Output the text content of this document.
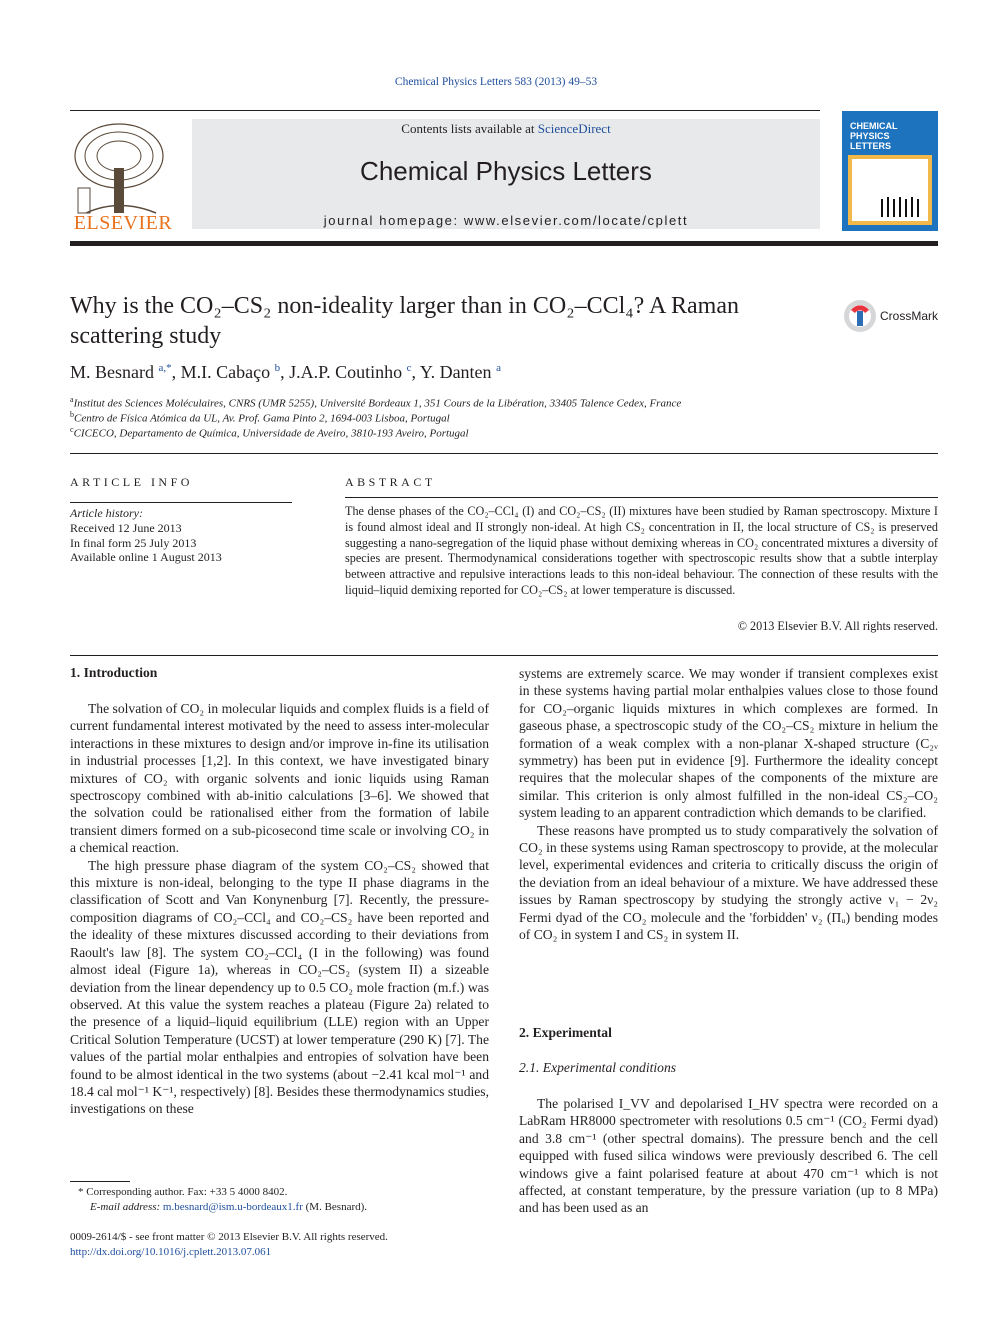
Chemical Physics Letters 583 (2013) 49–53
ELSEVIER
Contents lists available at ScienceDirect
Chemical Physics Letters
journal homepage: www.elsevier.com/locate/cplett
CHEMICAL
PHYSICS
LETTERS
Why is the CO₂–CS₂ non-ideality larger than in CO₂–CCl₄? A Raman
scattering study
CrossMark
M. Besnard $^{a,*}$, M.I. Cabaço $^b$, J.A.P. Coutinho $^c$, Y. Danten $^a$
$^a$Institut des Sciences Moléculaires, CNRS (UMR 5255), Université Bordeaux 1, 351 Cours de la Libération, 33405 Talence Cedex, France
$^b$Centro de Física Atómica da UL, Av. Prof. Gama Pinto 2, 1694-003 Lisboa, Portugal
$^c$CICECO, Departamento de Química, Universidade de Aveiro, 3810-193 Aveiro, Portugal
ARTICLE INFO
Article history:
Received 12 June 2013
In final form 25 July 2013
Available online 1 August 2013
ABSTRACT
The dense phases of the CO₂–CCl₄ (I) and CO₂–CS₂ (II) mixtures have been studied by Raman spectroscopy. Mixture I is found almost ideal and II strongly non-ideal. At high CS₂ concentration in II, the local structure of CS₂ is preserved suggesting a nano-segregation of the liquid phase without demixing whereas in CO₂ concentrated mixtures a diversity of species are present. Thermodynamical considerations together with spectroscopic results show that a subtle interplay between attractive and repulsive interactions leads to this non-ideal behaviour. The connection of these results with the liquid–liquid demixing reported for CO₂–CS₂ at lower temperature is discussed.
© 2013 Elsevier B.V. All rights reserved.
1. Introduction

The solvation of CO₂ in molecular liquids and complex fluids is a field of current fundamental interest motivated by the need to assess inter-molecular interactions in these mixtures to design and/or improve in-fine its utilisation in industrial processes [1,2]. In this context, we have investigated binary mixtures of CO₂ with organic solvents and ionic liquids using Raman spectroscopy combined with ab-initio calculations [3–6]. We showed that the solvation could be rationalised either from the formation of labile transient dimers formed on a sub-picosecond time scale or involving CO₂ in a chemical reaction.

The high pressure phase diagram of the system CO₂–CS₂ showed that this mixture is non-ideal, belonging to the type II phase diagrams in the classification of Scott and Van Konynenburg [7]. Recently, the pressure-composition diagrams of CO₂–CCl₄ and CO₂–CS₂ have been reported and the ideality of these mixtures discussed according to their deviations from Raoult's law [8]. The system CO₂–CCl₄ (I in the following) was found almost ideal (Figure 1a), whereas in CO₂–CS₂ (system II) a sizeable deviation from the linear dependency up to 0.5 CO₂ mole fraction (m.f.) was observed. At this value the system reaches a plateau (Figure 2a) related to the presence of a liquid–liquid equilibrium (LLE) region with an Upper Critical Solution Temperature (UCST) at lower temperature (290 K) [7]. The values of the partial molar enthalpies and entropies of solvation have been found to be almost identical in the two systems (about −2.41 kcal mol⁻¹ and 18.4 cal mol⁻¹ K⁻¹, respectively) [8]. Besides these thermodynamics studies, investigations on these

systems are extremely scarce. We may wonder if transient complexes exist in these systems having partial molar enthalpies values close to those found for CO₂–organic liquids mixtures in which complexes are formed. In gaseous phase, a spectroscopic study of the CO₂–CS₂ mixture in helium the formation of a weak complex with a non-planar X-shaped structure (C₂ᵥ symmetry) has been put in evidence [9]. Furthermore the ideality concept requires that the molecular shapes of the components of the mixture are similar. This criterion is only almost fulfilled in the non-ideal CS₂–CO₂ system leading to an apparent contradiction which demands to be clarified.

These reasons have prompted us to study comparatively the solvation of CO₂ in these systems using Raman spectroscopy to provide, at the molecular level, experimental evidences and criteria to critically discuss the origin of the deviation from an ideal behaviour of a mixture. We have addressed these issues by Raman spectroscopy by studying the strongly active ν₁ − 2ν₂ Fermi dyad of the CO₂ molecule and the 'forbidden' ν₂ (Πᵤ) bending modes of CO₂ in system I and CS₂ in system II.

2. Experimental
2.1. Experimental conditions

The polarised I_VV and depolarised I_HV spectra were recorded on a LabRam HR8000 spectrometer with resolutions 0.5 cm⁻¹ (CO₂ Fermi dyad) and 3.8 cm⁻¹ (other spectral domains). The pressure bench and the cell equipped with fused silica windows were previously described 6. The cell windows give a faint polarised feature at about 470 cm⁻¹ which is not affected, at constant temperature, by the pressure variation (up to 8 MPa) and has been used as an

* Corresponding author. Fax: +33 5 4000 8402.
E-mail address: m.besnard@ism.u-bordeaux1.fr (M. Besnard).
0009-2614/$ - see front matter © 2013 Elsevier B.V. All rights reserved.
http://dx.doi.org/10.1016/j.cplett.2013.07.061
